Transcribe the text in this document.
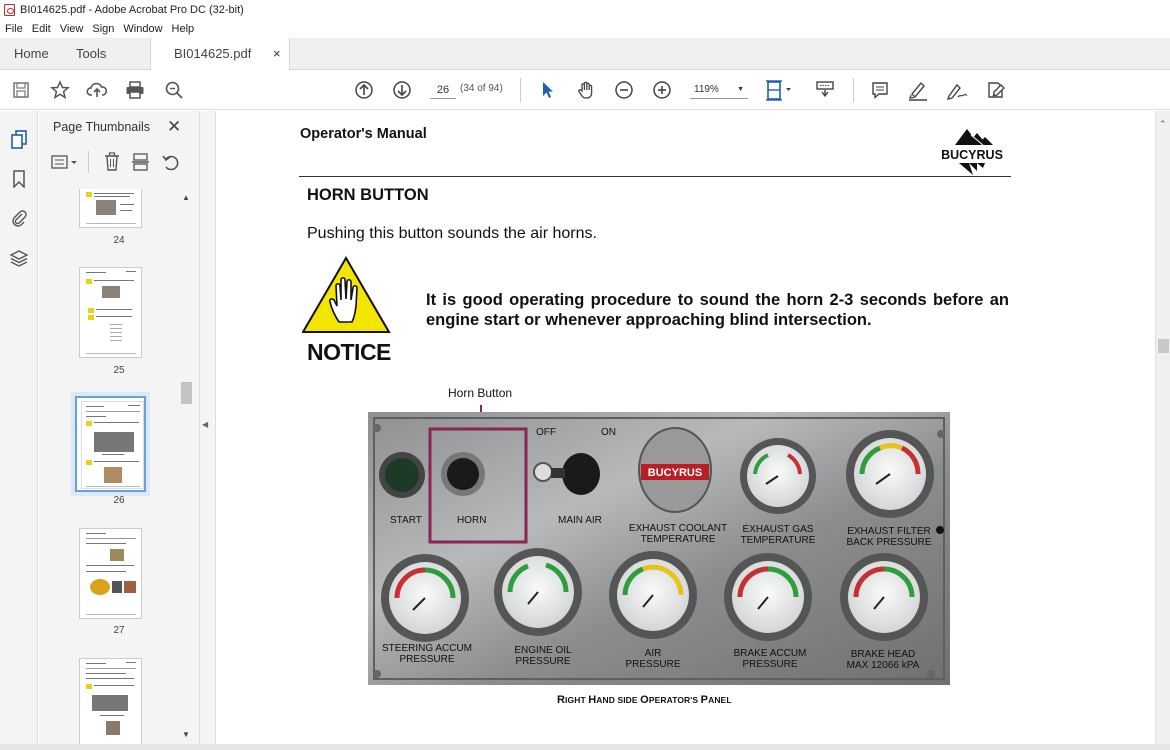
BI014625.pdf - Adobe Acrobat Pro DC (32-bit)
File Edit View Sign Window Help
Home Tools	BI014625.pdf	×
26
(34 of 94)	119%	▼
Page Thumbnails ✕
24
25
26
27
▲
▼
◀
Operator's Manual
BUCYRUS
HORN BUTTON
Pushing this button sounds the air horns.
NOTICE
It is good operating procedure to sound the horn 2-3 seconds before an engine start or whenever approaching blind intersection.
Horn Button
BUCYRUS
OFF	ON
START	HORN	MAIN AIR
EXHAUST COOLANT
TEMPERATURE
EXHAUST GAS
TEMPERATURE
EXHAUST FILTER
BACK PRESSURE
STEERING ACCUM
PRESSURE
ENGINE OIL
PRESSURE
AIR
PRESSURE
BRAKE ACCUM
PRESSURE
BRAKE HEAD
MAX 12066 kPA
RIGHT HAND SIDE OPERATOR'S PANEL
⌃
